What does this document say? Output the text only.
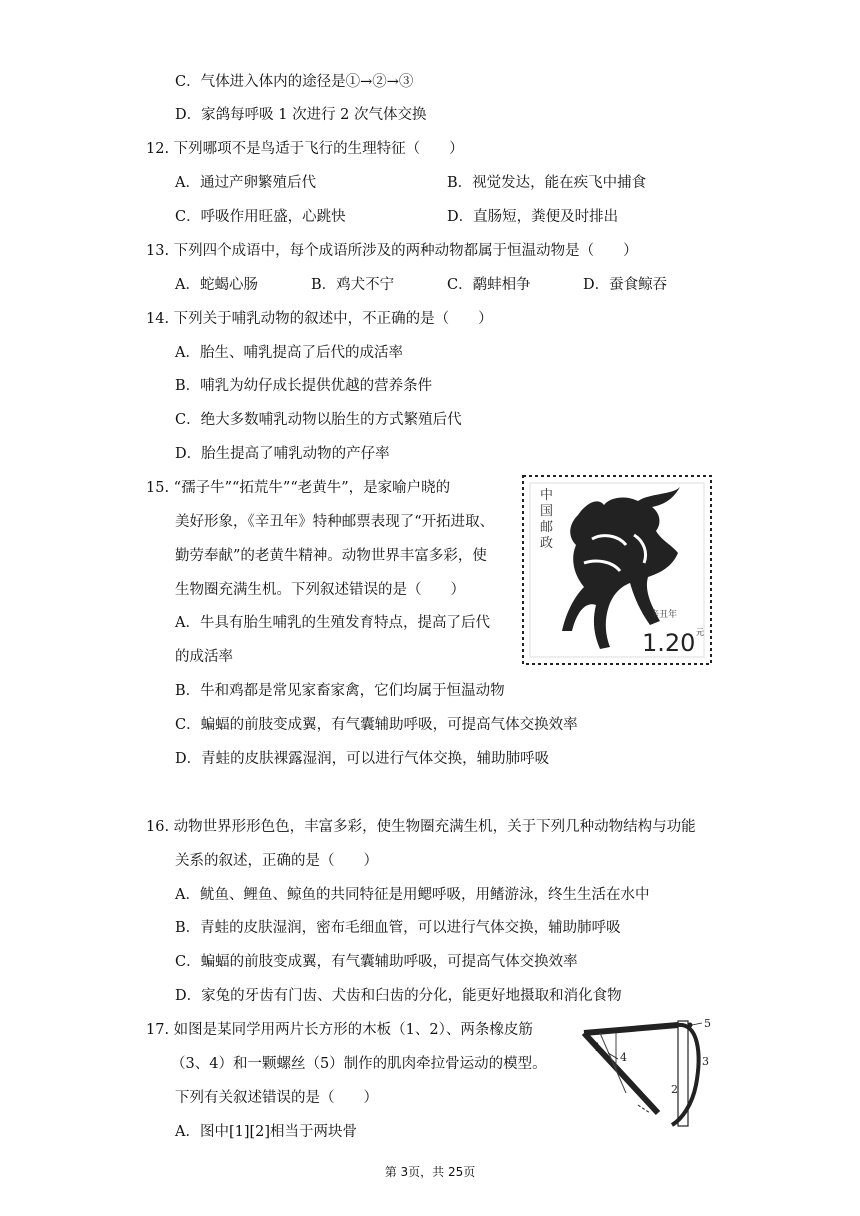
C．气体进入体内的途径是①→②→③
D．家鸽每呼吸 1 次进行 2 次气体交换
12. 下列哪项不是鸟适于飞行的生理特征（　　）
A．通过产卵繁殖后代	B．视觉发达，能在疾飞中捕食
C．呼吸作用旺盛，心跳快	D．直肠短，粪便及时排出
13. 下列四个成语中，每个成语所涉及的两种动物都属于恒温动物是（　　）
A．蛇蝎心肠	B．鸡犬不宁	C．鹬蚌相争	D．蚕食鲸吞
14. 下列关于哺乳动物的叙述中，不正确的是（　　）
A．胎生、哺乳提高了后代的成活率
B．哺乳为幼仔成长提供优越的营养条件
C．绝大多数哺乳动物以胎生的方式繁殖后代
D．胎生提高了哺乳动物的产仔率
15. “孺子牛”“拓荒牛”“老黄牛”，是家喻户晓的
美好形象，《辛丑年》特种邮票表现了“开拓进取、
勤劳奉献”的老黄牛精神。动物世界丰富多彩，使
生物圈充满生机。下列叙述错误的是（　　）
A．牛具有胎生哺乳的生殖发育特点，提高了后代
的成活率
B．牛和鸡都是常见家畜家禽，它们均属于恒温动物
C．蝙蝠的前肢变成翼，有气囊辅助呼吸，可提高气体交换效率
D．青蛙的皮肤裸露湿润，可以进行气体交换，辅助肺呼吸
中
国
邮
政
辛丑年
1.20 元
16. 动物世界形形色色，丰富多彩，使生物圈充满生机，关于下列几种动物结构与功能
关系的叙述，正确的是（　　）
A．鱿鱼、鲤鱼、鲸鱼的共同特征是用鳃呼吸，用鳍游泳，终生生活在水中
B．青蛙的皮肤湿润，密布毛细血管，可以进行气体交换，辅助肺呼吸
C．蝙蝠的前肢变成翼，有气囊辅助呼吸，可提高气体交换效率
D．家兔的牙齿有门齿、犬齿和臼齿的分化，能更好地摄取和消化食物
17. 如图是某同学用两片长方形的木板（1、2）、两条橡皮筋
（3、4）和一颗螺丝（5）制作的肌肉牵拉骨运动的模型。
下列有关叙述错误的是（　　）
A．图中[1][2]相当于两块骨
1
2
3
4
5
第 3页，共 25页
